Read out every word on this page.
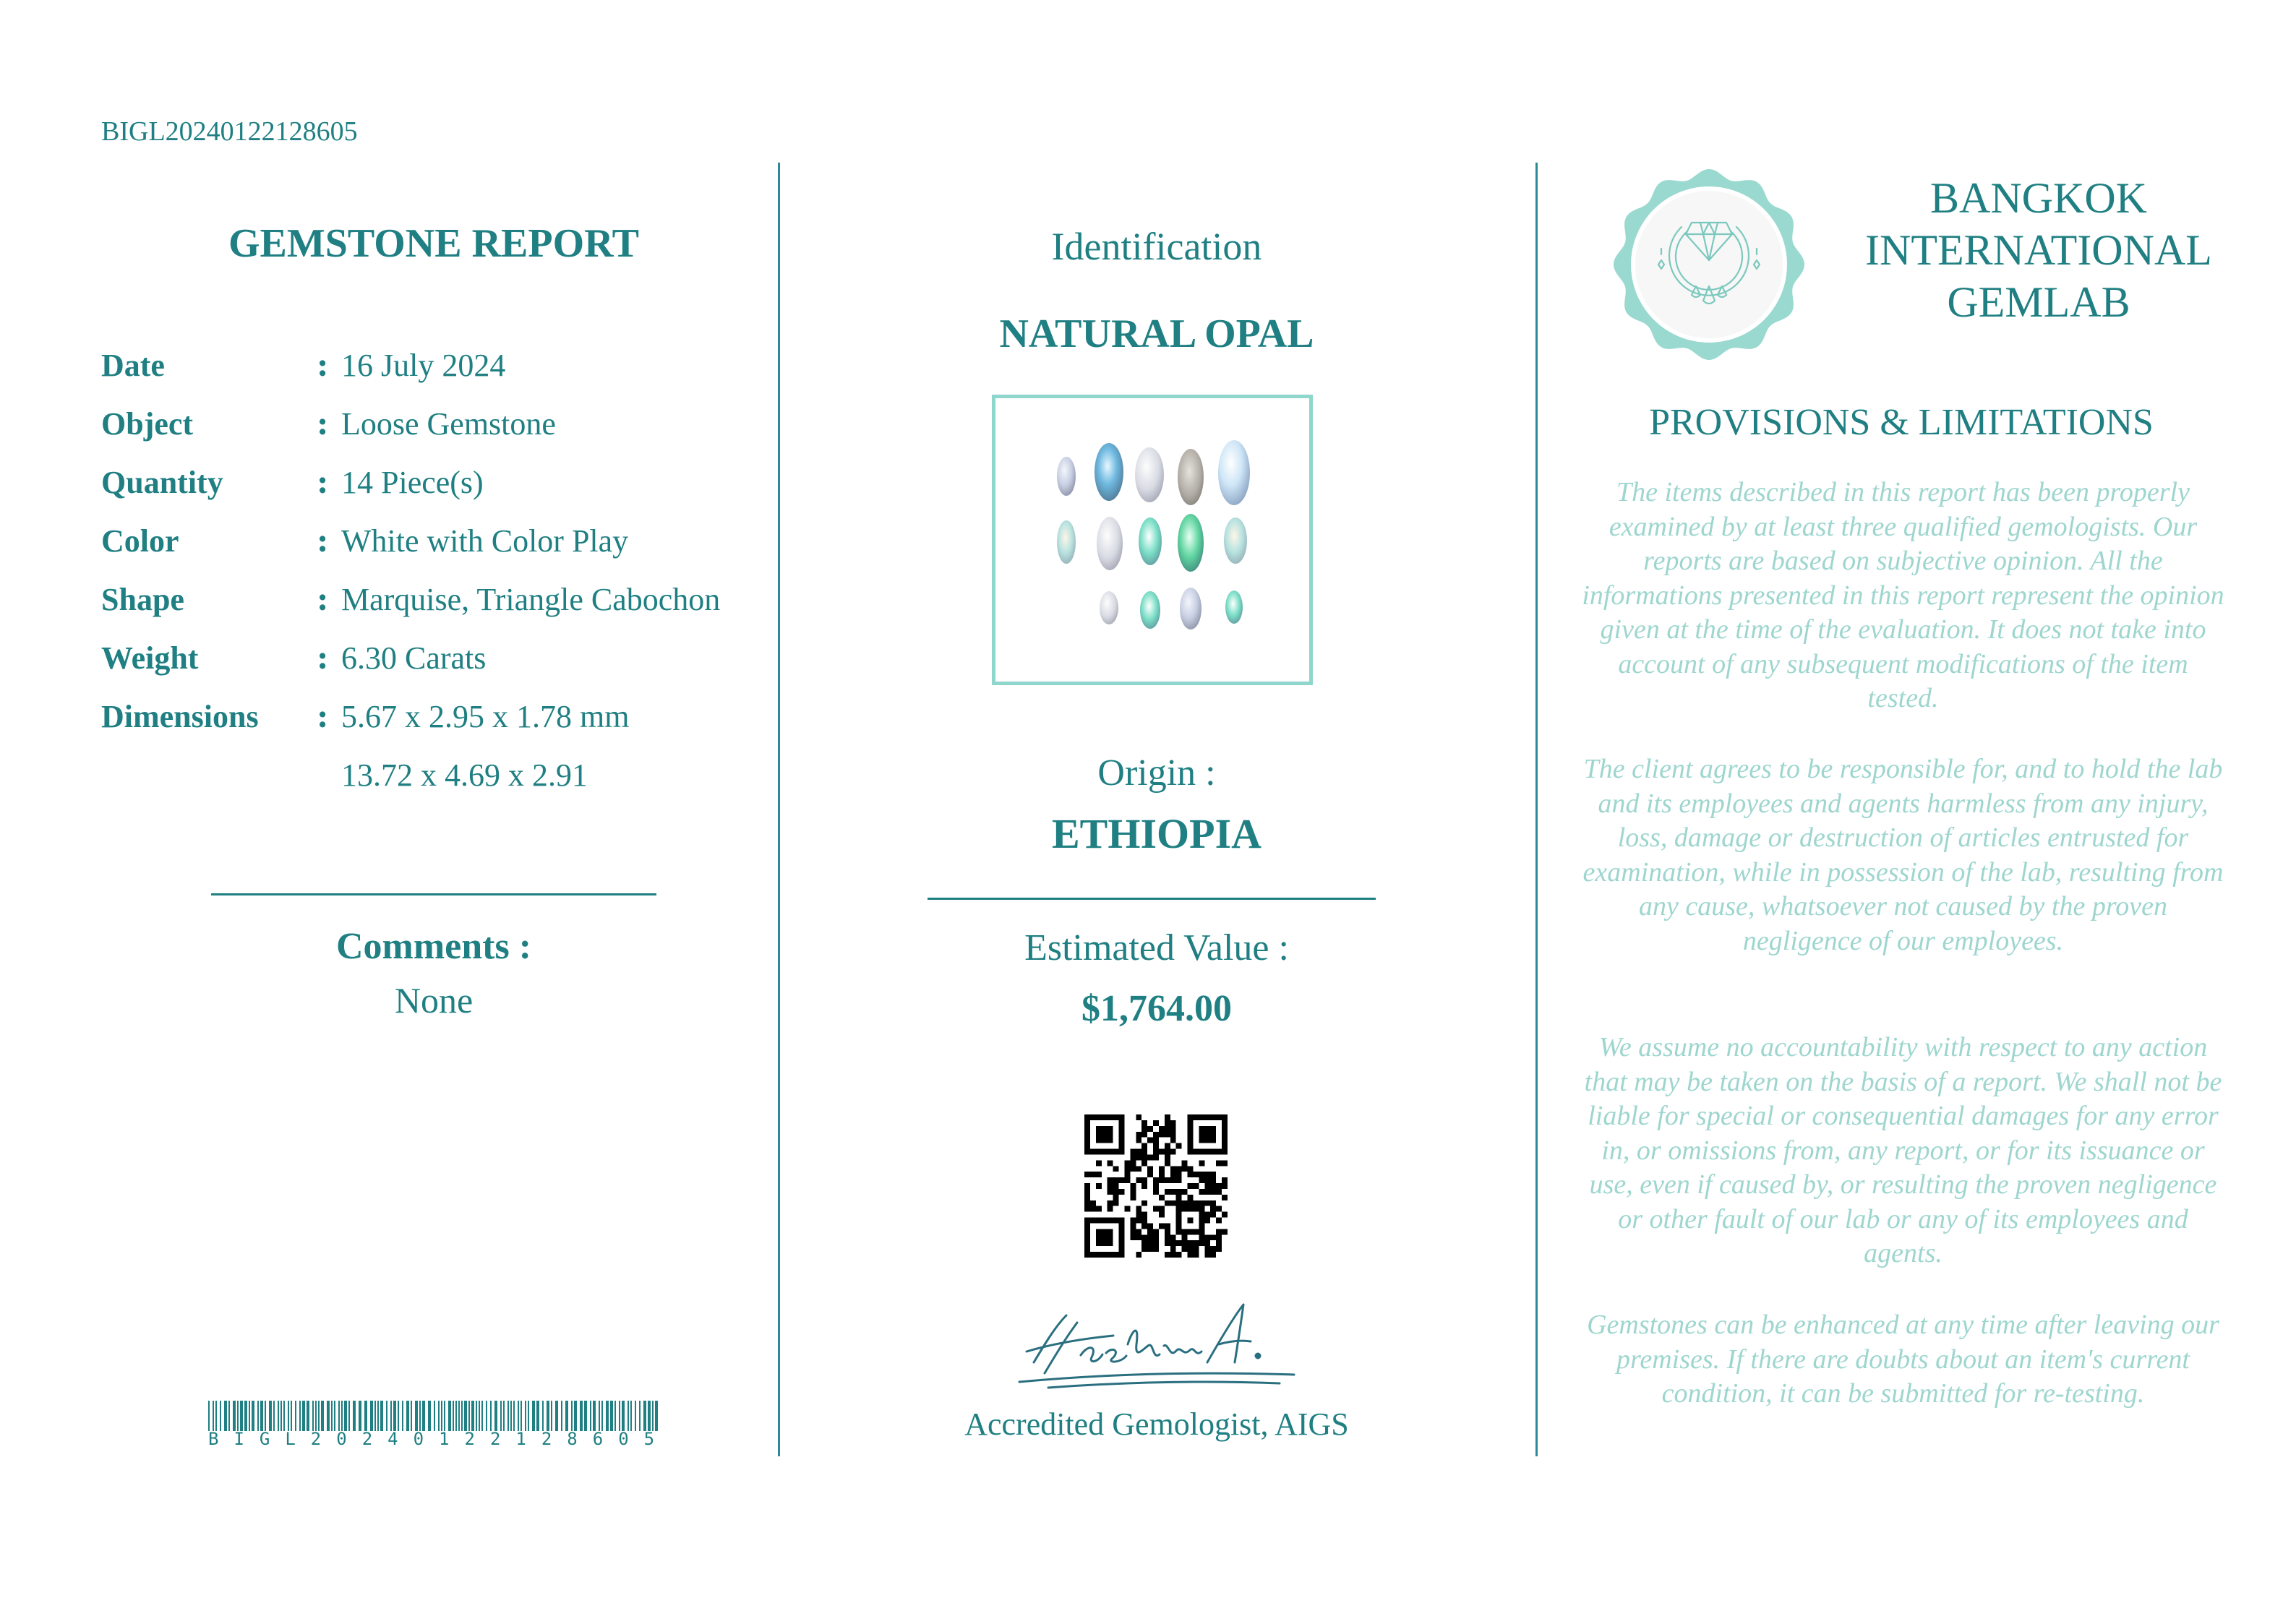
BIGL20240122128605
GEMSTONE REPORT
Date	: 16 July 2024
Object	: Loose Gemstone
Quantity	: 14 Piece(s)
Color	: White with Color Play
Shape	: Marquise, Triangle Cabochon
Weight	: 6.30 Carats
Dimensions : 5.67 x 2.95 x 1.78 mm
13.72 x 4.69 x 2.91
Comments :
None
BIGL20240122128605
Identification
NATURAL OPAL
Origin :
ETHIOPIA
Estimated Value :
$1,764.00
Accredited Gemologist, AIGS
BANGKOK
INTERNATIONAL
GEMLAB
PROVISIONS & LIMITATIONS
The items described in this report has been properly examined by at least three qualified gemologists. Our reports are based on subjective opinion. All the informations presented in this report represent the opinion given at the time of the evaluation. It does not take into account of any subsequent modifications of the item tested.
The client agrees to be responsible for, and to hold the lab and its employees and agents harmless from any injury, loss, damage or destruction of articles entrusted for examination, while in possession of the lab, resulting from any cause, whatsoever not caused by the proven negligence of our employees.
We assume no accountability with respect to any action that may be taken on the basis of a report. We shall not be liable for special or consequential damages for any error in, or omissions from, any report, or for its issuance or use, even if caused by, or resulting the proven negligence or other fault of our lab or any of its employees and agents.
Gemstones can be enhanced at any time after leaving our premises. If there are doubts about an item's current condition, it can be submitted for re-testing.
